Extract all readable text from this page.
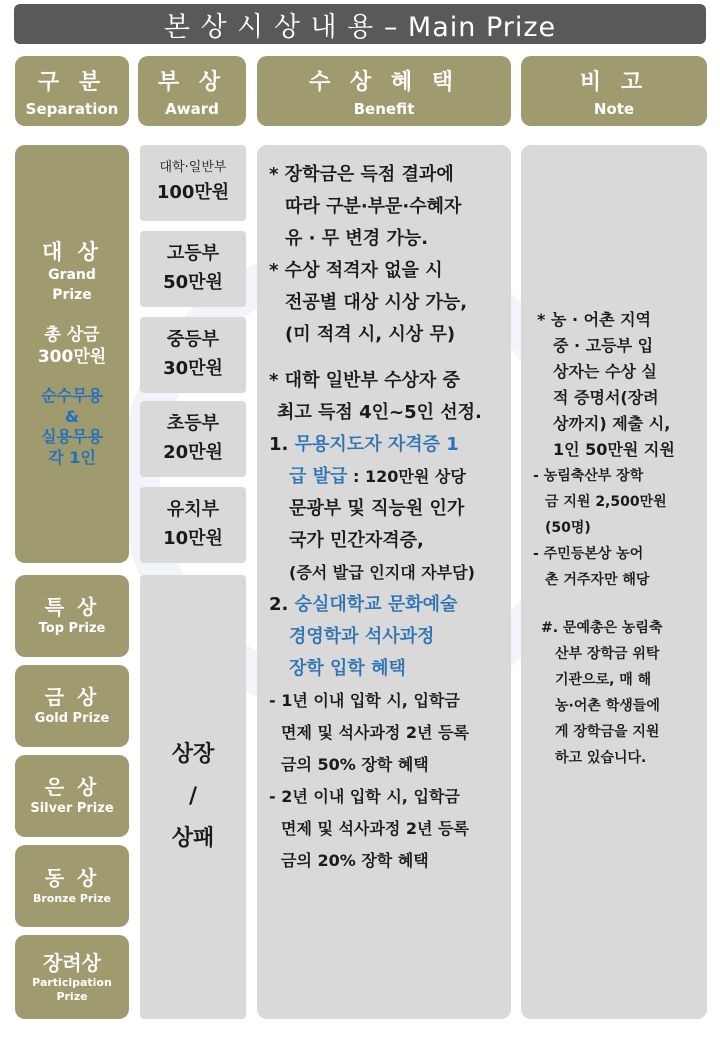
본 상 시 상 내 용 – Main Prize
구 분
Separation
부 상
Award
수 상 혜 택
Benefit
비 고
Note
대 상
Grand
Prize
총 상금
300만원
순수무용
&
실용무용
각 1인
대학·일반부
100만원
고등부
50만원
중등부
30만원
초등부
20만원
유치부
10만원
특 상
Top Prize
금 상
Gold Prize
은 상
Silver Prize
동 상
Bronze Prize
장려상
Participation
Prize
상장
/
상패
* 장학금은 득점 결과에
따라 구분·부문·수혜자
유 · 무 변경 가능.
* 수상 적격자 없을 시
전공별 대상 시상 가능,
(미 적격 시, 시상 무)
* 대학 일반부 수상자 중
최고 득점 4인~5인 선정.
1. 무용지도자 자격증 1
급 발급 : 120만원 상당
문광부 및 직능원 인가
국가 민간자격증,
(증서 발급 인지대 자부담)
2. 숭실대학교 문화예술
경영학과 석사과정
장학 입학 혜택
- 1년 이내 입학 시, 입학금
면제 및 석사과정 2년 등록
금의 50% 장학 혜택
- 2년 이내 입학 시, 입학금
면제 및 석사과정 2년 등록
금의 20% 장학 혜택
* 농 · 어촌 지역
중 · 고등부 입
상자는 수상 실
적 증명서(장려
상까지) 제출 시,
1인 50만원 지원
- 농림축산부 장학
금 지원 2,500만원
(50명)
- 주민등본상 농어
촌 거주자만 해당
#. 문예총은 농림축
산부 장학금 위탁
기관으로, 매 해
농·어촌 학생들에
게 장학금을 지원
하고 있습니다.
